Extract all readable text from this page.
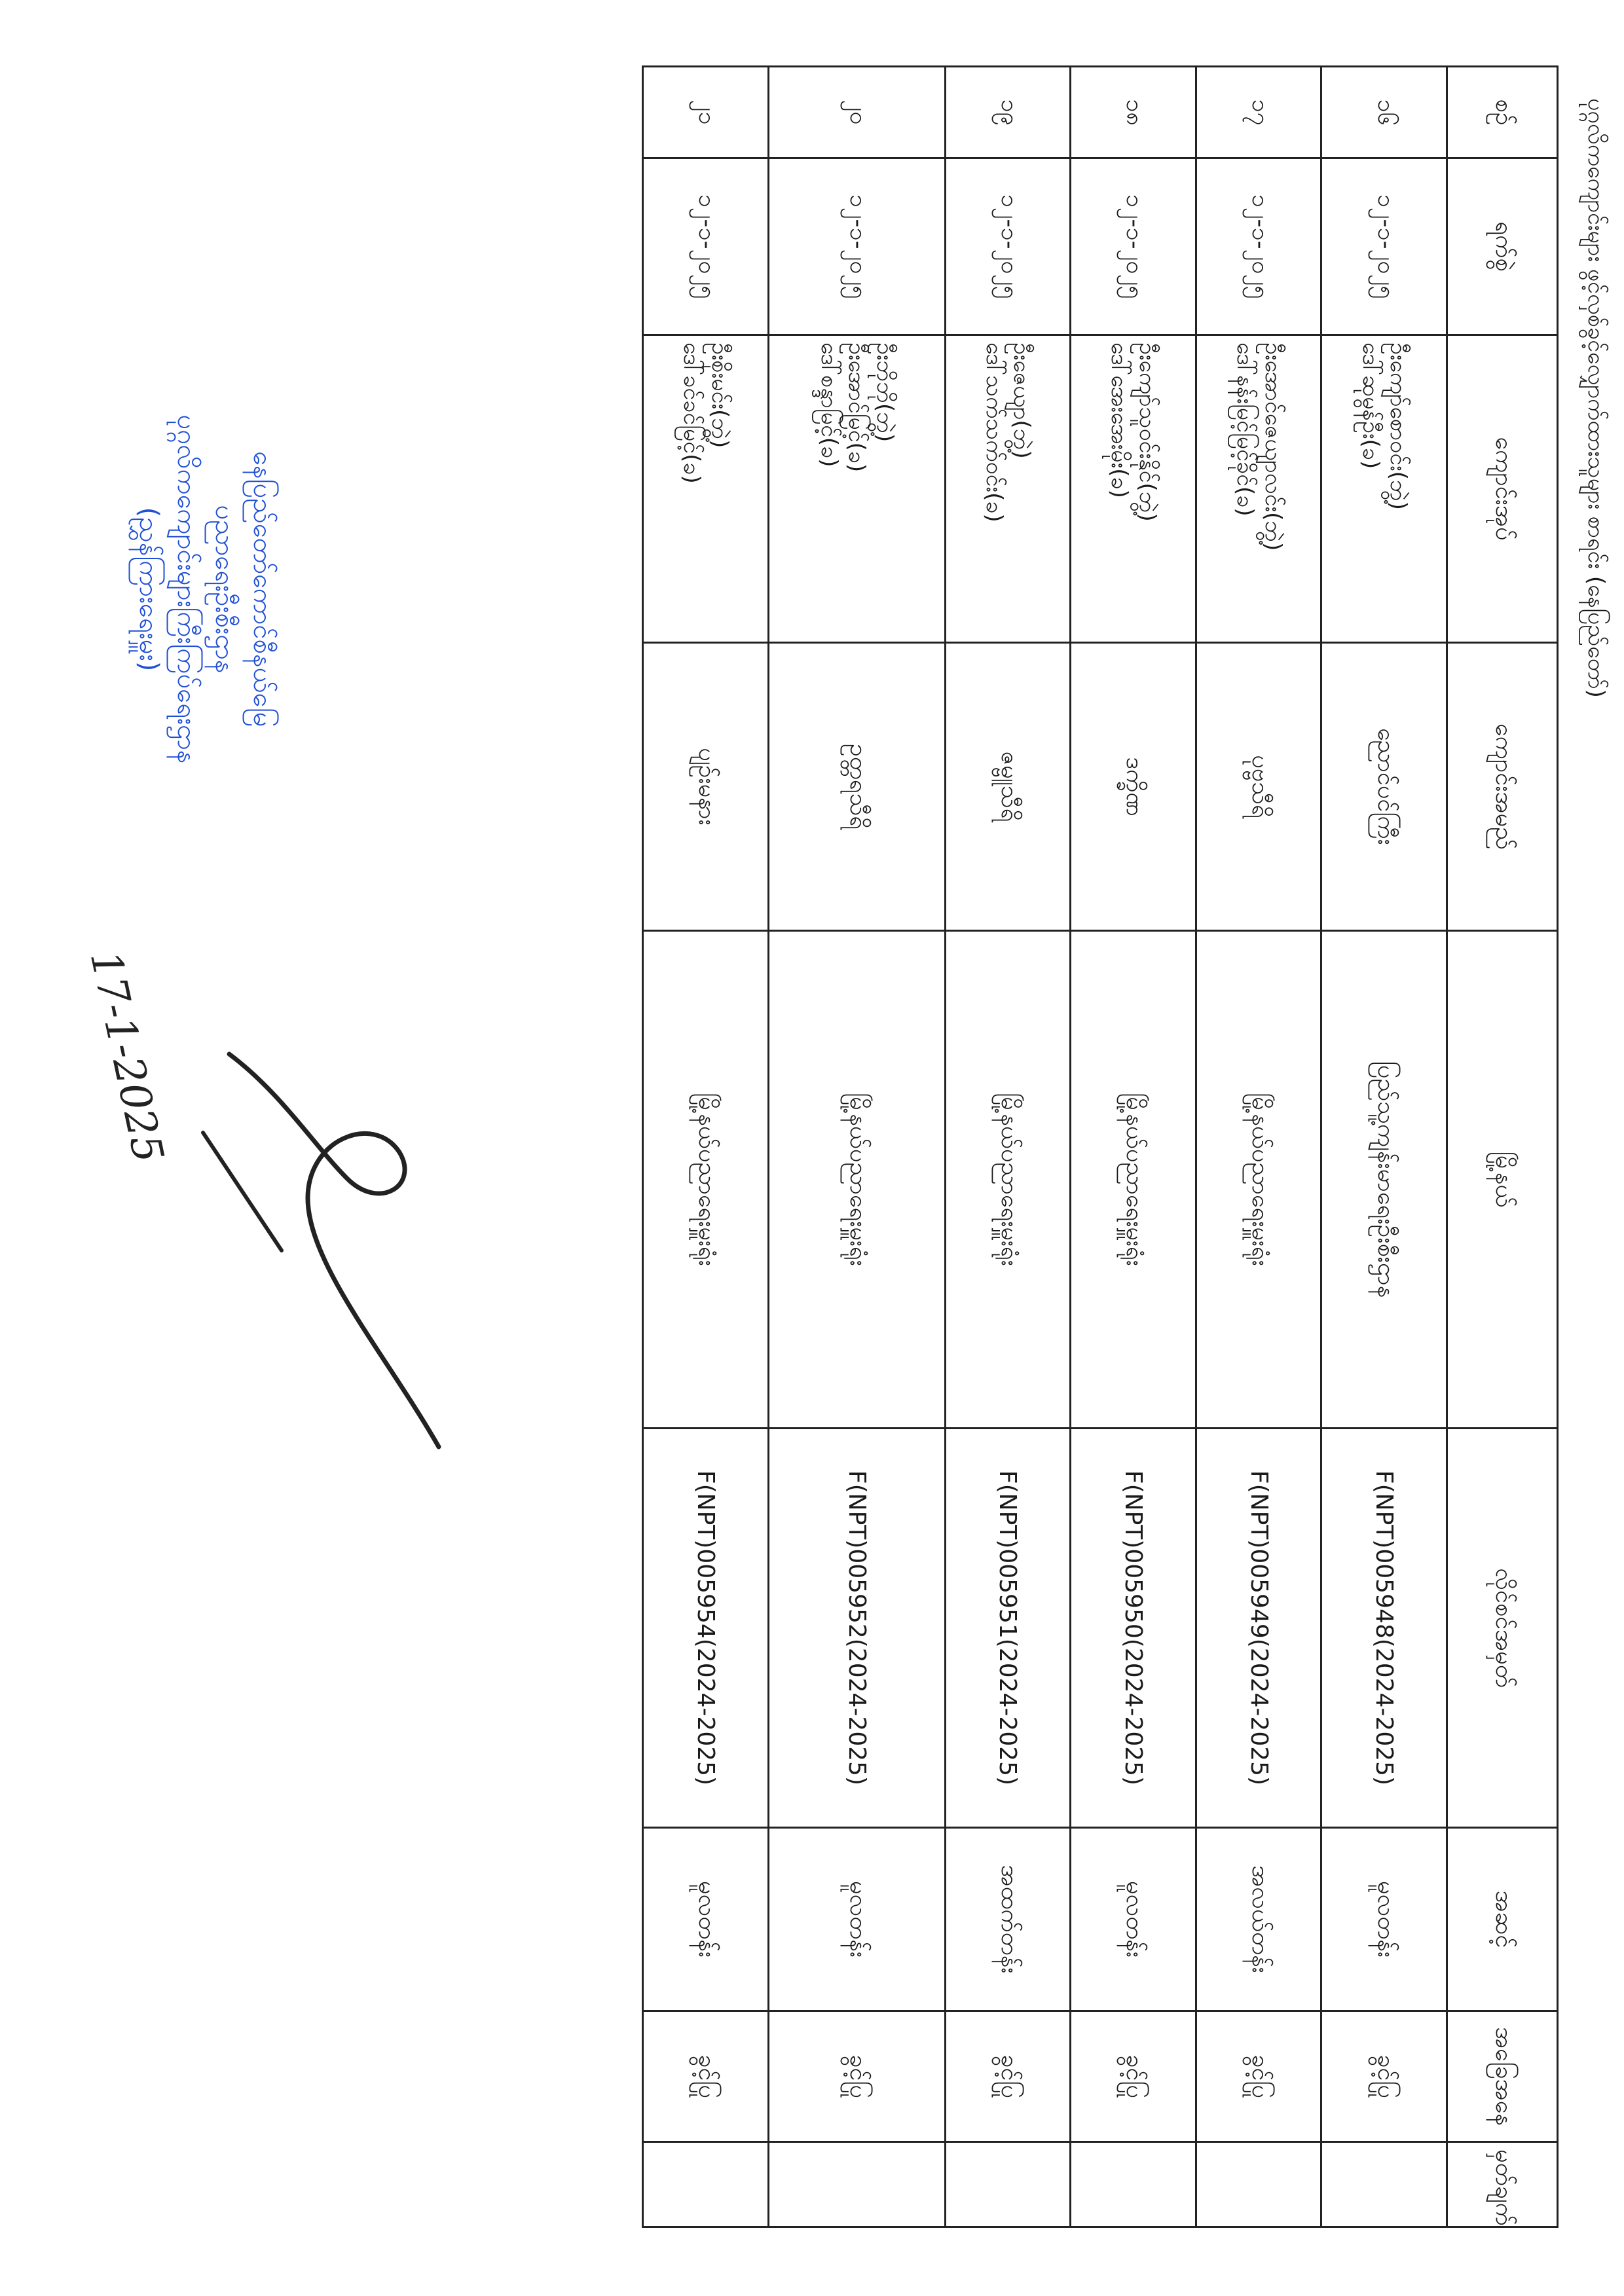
ပုဂ္ဂလိကကျောင်းများ ဖွင့်လှစ်ခွင့်လျှောက်ထားသူများ စာရင်း (နေပြည်တော်)
စဉ်	ရက်စွဲ	ကျောင်းအုပ်	ကျောင်းအမည်	မြို့နယ်	လိုင်စင်အမှတ်	အဆင့်	အခြေအနေ	မှတ်ချက်
၁၆	၁၂-၁-၂၀၂၅	ဦးကျော်စောဝင်း(ဘွဲ့)
ဒေါ်ဆုမွန်ဦး(ခ)	ညောင်ပင်ကြီး	ပြည်သူ့ကျန်းမာရေးဦးစီးဌာန	F(NPT)005948(2024-2025)	မူလတန်း	ခွင့်ပြု	
၁၇	၁၂-၁-၂၀၂၅	ဦးအောင်ဇေယျာလင်း(ဘွဲ့)
ဒေါ်နန်းမြင့်မြင့်ခိုင်(ခ)	ပုဗ္ဗသီရိ	မြို့နယ်ပညာရေးမှူးရုံး	F(NPT)005949(2024-2025)	အလယ်တန်း	ခွင့်ပြု	
၁၈	၁၂-၁-၂၀၂၅	ဦးကျော်သူဝင်းနိုင်(ဘွဲ့)
ဒေါ်အေးအေးမိုး(ခ)	ဒက္ခိဏ	မြို့နယ်ပညာရေးမှူးရုံး	F(NPT)005950(2024-2025)	မူလတန်း	ခွင့်ပြု	
၁၉	၁၂-၁-၂၀၂၅	ဦးဇေယျာ(ဘွဲ့)
ဒေါ်သက်သက်ဝင်း(ခ)	ဇမ္ဗူသီရိ	မြို့နယ်ပညာရေးမှူးရုံး	F(NPT)005951(2024-2025)	အထက်တန်း	ခွင့်ပြု	
၂၀	၁၂-၁-၂၀၂၅	ဦးဘိုဘို(ဘွဲ့)
ဦးအောင်မြင့်(ခ)
ဒေါ်စန္ဒာမြင့်(ခ)	ဥတ္တရသီရိ	မြို့နယ်ပညာရေးမှူးရုံး	F(NPT)005952(2024-2025)	မူလတန်း	ခွင့်ပြု	
၂၁	၁၂-၁-၂၀၂၅	ဦးစိုးမင်း(ဘွဲ့)
ဒေါ်ခင်ခင်မြင့်(ခ)	ပျဉ်းမနား	မြို့နယ်ပညာရေးမှူးရုံး	F(NPT)005954(2024-2025)	မူလတန်း	ခွင့်ပြု	
နေပြည်တော်ကောင်စီနယ်မြေ
ပညာရေးဦးစီးဌာန
ပုဂ္ဂလိကကျောင်းများကြီးကြပ်ရေးဌာန
(ညွှန်ကြားရေးမှူး)
17-1-2025
